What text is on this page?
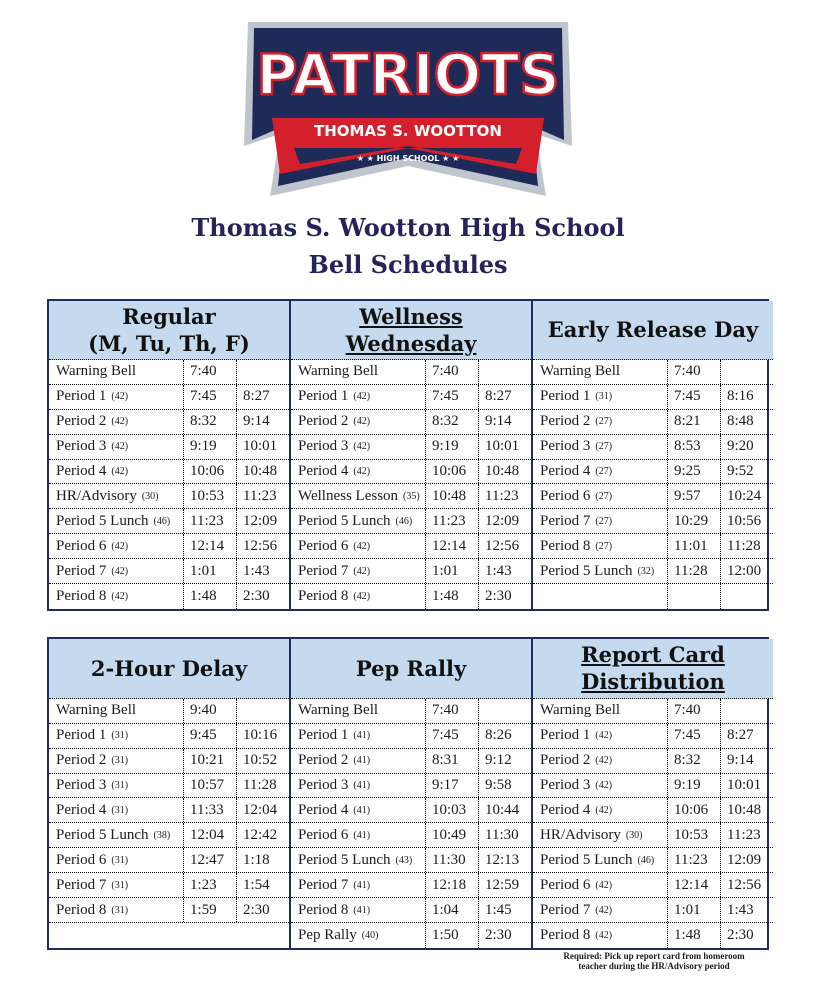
PATRIOTS
THOMAS S. WOOTTON
★ ★ HIGH SCHOOL ★ ★
Thomas S. Wootton High School
Bell Schedules
Regular
(M, Tu, Th, F)
Warning Bell	7:40
Period 1 (42)	7:45	8:27
Period 2 (42)	8:32	9:14
Period 3 (42)	9:19	10:01
Period 4 (42)	10:06	10:48
HR/Advisory (30)	10:53	11:23
Period 5 Lunch (46)	11:23	12:09
Period 6 (42)	12:14	12:56
Period 7 (42)	1:01	1:43
Period 8 (42)	1:48	2:30
Wellness
Wednesday
Warning Bell	7:40
Period 1 (42)	7:45	8:27
Period 2 (42)	8:32	9:14
Period 3 (42)	9:19	10:01
Period 4 (42)	10:06	10:48
Wellness Lesson (35) 10:48	11:23
Period 5 Lunch (46)	11:23	12:09
Period 6 (42)	12:14	12:56
Period 7 (42)	1:01	1:43
Period 8 (42)	1:48	2:30
Early Release Day
Warning Bell	7:40
Period 1 (31)	7:45	8:16
Period 2 (27)	8:21	8:48
Period 3 (27)	8:53	9:20
Period 4 (27)	9:25	9:52
Period 6 (27)	9:57	10:24
Period 7 (27)	10:29	10:56
Period 8 (27)	11:01	11:28
Period 5 Lunch (32)	11:28	12:00
2-Hour Delay
Warning Bell	9:40
Period 1 (31)	9:45	10:16
Period 2 (31)	10:21	10:52
Period 3 (31)	10:57	11:28
Period 4 (31)	11:33	12:04
Period 5 Lunch (38)	12:04	12:42
Period 6 (31)	12:47	1:18
Period 7 (31)	1:23	1:54
Period 8 (31)	1:59	2:30
Pep Rally
Warning Bell	7:40
Period 1 (41)	7:45	8:26
Period 2 (41)	8:31	9:12
Period 3 (41)	9:17	9:58
Period 4 (41)	10:03	10:44
Period 6 (41)	10:49	11:30
Period 5 Lunch (43)	11:30	12:13
Period 7 (41)	12:18	12:59
Period 8 (41)	1:04	1:45
Pep Rally (40)	1:50	2:30
Report Card
Distribution
Warning Bell	7:40
Period 1 (42)	7:45	8:27
Period 2 (42)	8:32	9:14
Period 3 (42)	9:19	10:01
Period 4 (42)	10:06	10:48
HR/Advisory (30)	10:53	11:23
Period 5 Lunch (46)	11:23	12:09
Period 6 (42)	12:14	12:56
Period 7 (42)	1:01	1:43
Period 8 (42)	1:48	2:30
Required: Pick up report card from homeroom
teacher during the HR/Advisory period
